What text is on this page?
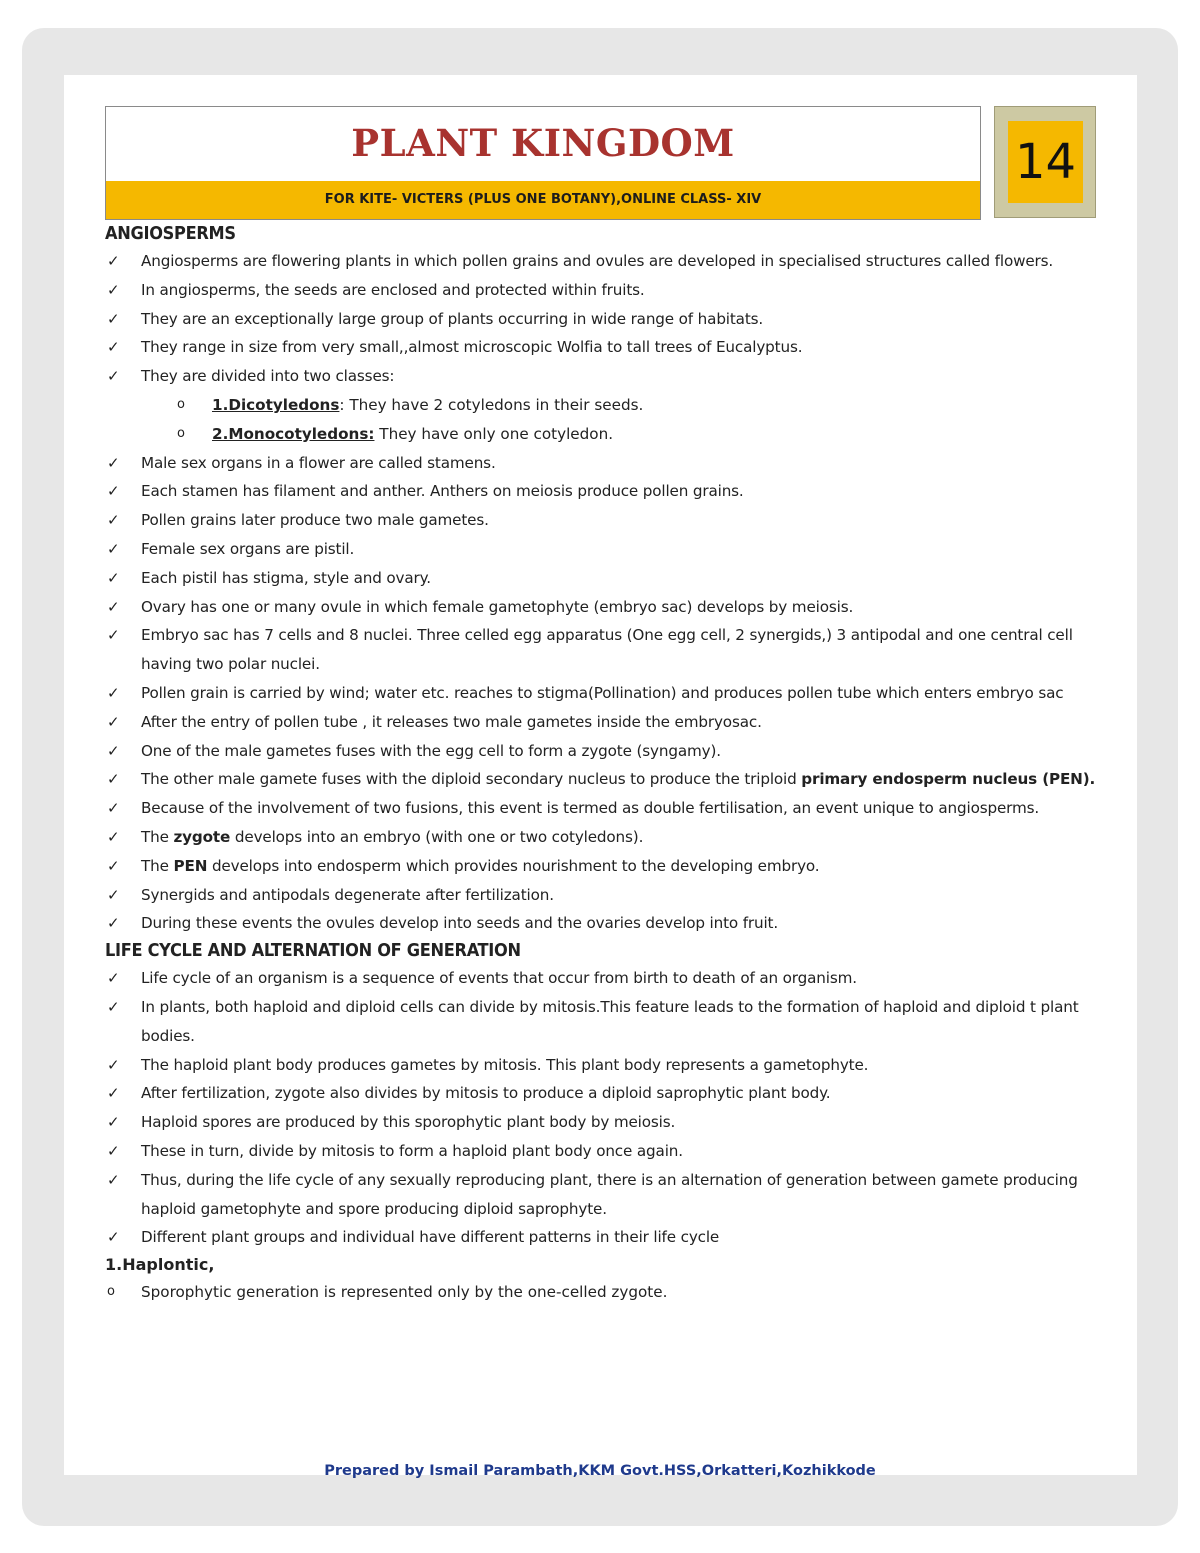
PLANT KINGDOM
FOR KITE- VICTERS (PLUS ONE BOTANY),ONLINE CLASS- XIV
14
ANGIOSPERMS
✓ Angiosperms are flowering plants in which pollen grains and ovules are developed in specialised structures called flowers.
✓ In angiosperms, the seeds are enclosed and protected within fruits.
✓ They are an exceptionally large group of plants occurring in wide range of habitats.
✓ They range in size from very small,,almost microscopic Wolfia to tall trees of Eucalyptus.
✓ They are divided into two classes:
o 1.Dicotyledons: They have 2 cotyledons in their seeds.
o 2.Monocotyledons: They have only one cotyledon.
✓ Male sex organs in a flower are called stamens.
✓ Each stamen has filament and anther. Anthers on meiosis produce pollen grains.
✓ Pollen grains later produce two male gametes.
✓ Female sex organs are pistil.
✓ Each pistil has stigma, style and ovary.
✓ Ovary has one or many ovule in which female gametophyte (embryo sac) develops by meiosis.
✓ Embryo sac has 7 cells and 8 nuclei. Three celled egg apparatus (One egg cell, 2 synergids,) 3 antipodal and one central cell having two polar nuclei.
✓ Pollen grain is carried by wind; water etc. reaches to stigma(Pollination) and produces pollen tube which enters embryo sac
✓ After the entry of pollen tube , it releases two male gametes inside the embryosac.
✓ One of the male gametes fuses with the egg cell to form a zygote (syngamy).
✓ The other male gamete fuses with the diploid secondary nucleus to produce the triploid primary endosperm nucleus (PEN).
✓ Because of the involvement of two fusions, this event is termed as double fertilisation, an event unique to angiosperms.
✓ The zygote develops into an embryo (with one or two cotyledons).
✓ The PEN develops into endosperm which provides nourishment to the developing embryo.
✓ Synergids and antipodals degenerate after fertilization.
✓ During these events the ovules develop into seeds and the ovaries develop into fruit.
LIFE CYCLE AND ALTERNATION OF GENERATION
✓ Life cycle of an organism is a sequence of events that occur from birth to death of an organism.
✓ In plants, both haploid and diploid cells can divide by mitosis.This feature leads to the formation of haploid and diploid t plant bodies.
✓ The haploid plant body produces gametes by mitosis. This plant body represents a gametophyte.
✓ After fertilization, zygote also divides by mitosis to produce a diploid saprophytic plant body.
✓ Haploid spores are produced by this sporophytic plant body by meiosis.
✓ These in turn, divide by mitosis to form a haploid plant body once again.
✓ Thus, during the life cycle of any sexually reproducing plant, there is an alternation of generation between gamete producing haploid gametophyte and spore producing diploid saprophyte.
✓ Different plant groups and individual have different patterns in their life cycle
1.Haplontic,
o Sporophytic generation is represented only by the one-celled zygote.
Prepared by Ismail Parambath,KKM Govt.HSS,Orkatteri,Kozhikkode
